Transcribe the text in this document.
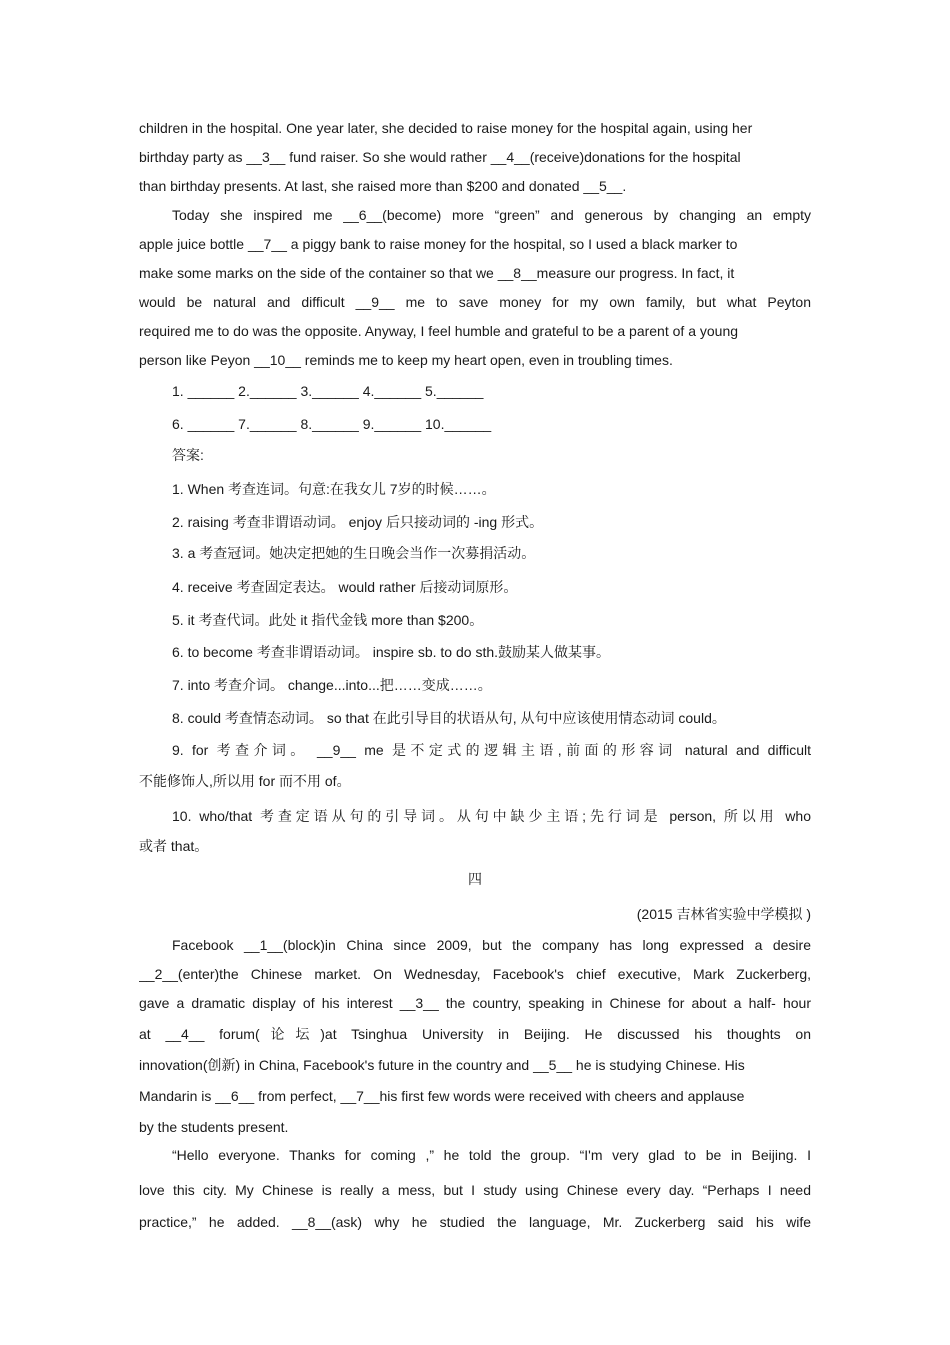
children in the hospital. One year later, she decided to raise money for the hospital again, using her
birthday party as __3__ fund raiser. So she would rather __4__(receive)donations for the hospital
than birthday presents. At last, she raised more than $200 and donated __5__.
Today she inspired me __6__(become) more “green” and generous by changing an empty
apple juice bottle __7__ a piggy bank to raise money for the hospital, so I used a black marker to
make some marks on the side of the container so that we __8__measure our progress. In fact, it
would be natural and difficult __9__ me to save money for my own family, but what Peyton
required me to do was the opposite. Anyway, I feel humble and grateful to be a parent of a young
person like Peyon __10__ reminds me to keep my heart open, even in troubling times.
1. ______ 2.______ 3.______ 4.______ 5.______
6. ______ 7.______ 8.______ 9.______ 10.______
答案:
1. When 考查连词。句意:在我女儿 7岁的时候……。
2. raising 考查非谓语动词。 enjoy 后只接动词的 -ing 形式。
3. a 考查冠词。她决定把她的生日晚会当作一次募捐活动。
4. receive 考查固定表达。 would rather 后接动词原形。
5. it 考查代词。此处 it 指代金钱 more than $200。
6. to become 考查非谓语动词。 inspire sb. to do sth.鼓励某人做某事。
7. into 考查介词。 change...into...把……变成……。
8. could 考查情态动词。 so that 在此引导目的状语从句, 从句中应该使用情态动词 could。
9. for 考查介词。 __9__ me 是不定式的逻辑主语,前面的形容词 natural and difficult
不能修饰人,所以用 for 而不用 of。
10. who/that 考查定语从句的引导词。从句中缺少主语;先行词是 person, 所以用 who
或者 that。
四
(2015 吉林省实验中学模拟 )
Facebook __1__(block)in China since 2009, but the company has long expressed a desire
__2__(enter)the Chinese market. On Wednesday, Facebook's chief executive, Mark Zuckerberg,
gave a dramatic display of his interest __3__ the country, speaking in Chinese for about a half- hour
at __4__ forum(论坛)at Tsinghua University in Beijing. He discussed his thoughts on
innovation(创新) in China, Facebook's future in the country and __5__ he is studying Chinese. His
Mandarin is __6__ from perfect, __7__his first few words were received with cheers and applause
by the students present.
“Hello everyone. Thanks for coming ,” he told the group. “I'm very glad to be in Beijing. I
love this city. My Chinese is really a mess, but I study using Chinese every day. “Perhaps I need
practice,” he added. __8__(ask) why he studied the language, Mr. Zuckerberg said his wife
